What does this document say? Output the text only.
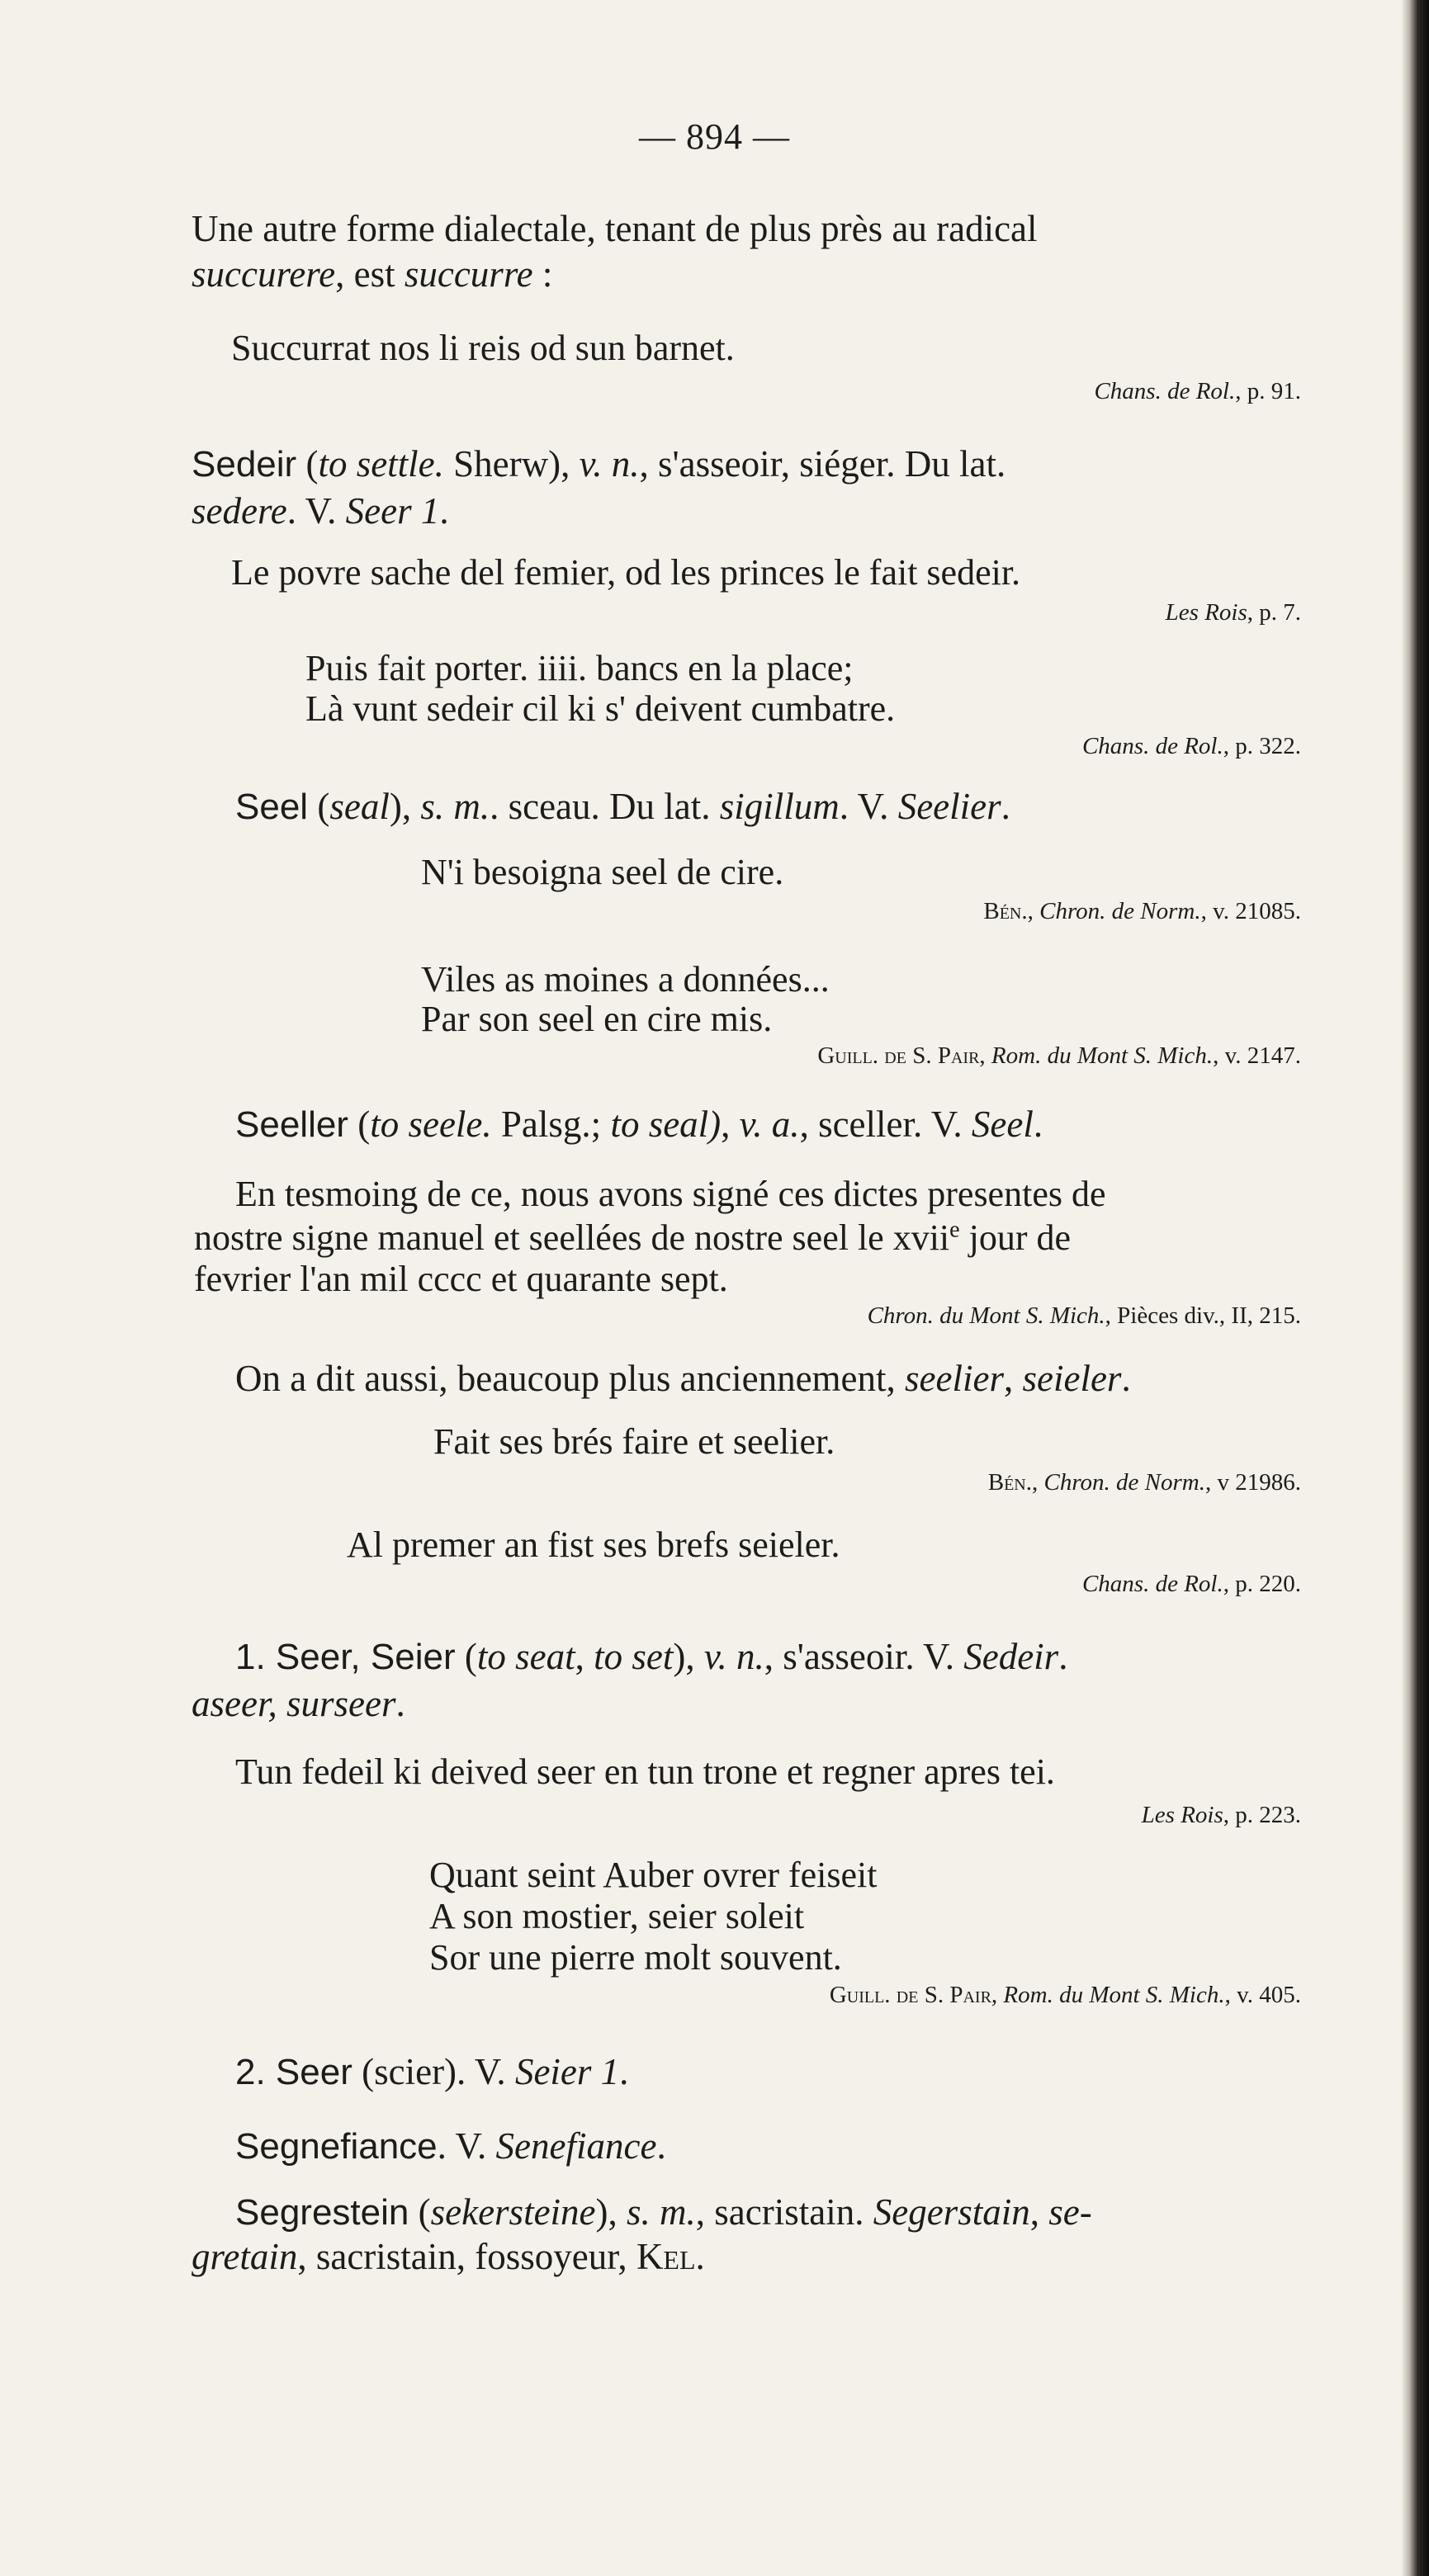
— 894 —

Une autre forme dialectale, tenant de plus près au radical

succurere, est succurre :

Succurrat nos li reis od sun barnet.

Chans. de Rol., p. 91.

Sedeir (to settle. Sherw), v. n., s'asseoir, siéger. Du lat.

sedere. V. Seer 1.

Le povre sache del femier, od les princes le fait sedeir.

Les Rois, p. 7.

Puis fait porter. iiii. bancs en la place;

Là vunt sedeir cil ki s' deivent cumbatre.

Chans. de Rol., p. 322.

Seel (seal), s. m.. sceau. Du lat. sigillum. V. Seelier.

N'i besoigna seel de cire.

Bén., Chron. de Norm., v. 21085.

Viles as moines a données...

Par son seel en cire mis.

Guill. de S. Pair, Rom. du Mont S. Mich., v. 2147.

Seeller (to seele. Palsg.; to seal), v. a., sceller. V. Seel.

En tesmoing de ce, nous avons signé ces dictes presentes de

nostre signe manuel et seellées de nostre seel le xvii$^e$ jour de

fevrier l'an mil cccc et quarante sept.

Chron. du Mont S. Mich., Pièces div., II, 215.

On a dit aussi, beaucoup plus anciennement, seelier, seieler.

Fait ses brés faire et seelier.

Bén., Chron. de Norm., v 21986.

Al premer an fist ses brefs seieler.

Chans. de Rol., p. 220.

1. Seer, Seier (to seat, to set), v. n., s'asseoir. V. Sedeir.

aseer, surseer.

Tun fedeil ki deived seer en tun trone et regner apres tei.

Les Rois, p. 223.

Quant seint Auber ovrer feiseit

A son mostier, seier soleit

Sor une pierre molt souvent.

Guill. de S. Pair, Rom. du Mont S. Mich., v. 405.

2. Seer (scier). V. Seier 1.

Segnefiance. V. Senefiance.

Segrestein (sekersteine), s. m., sacristain. Segerstain, se-

gretain, sacristain, fossoyeur, Kel.
